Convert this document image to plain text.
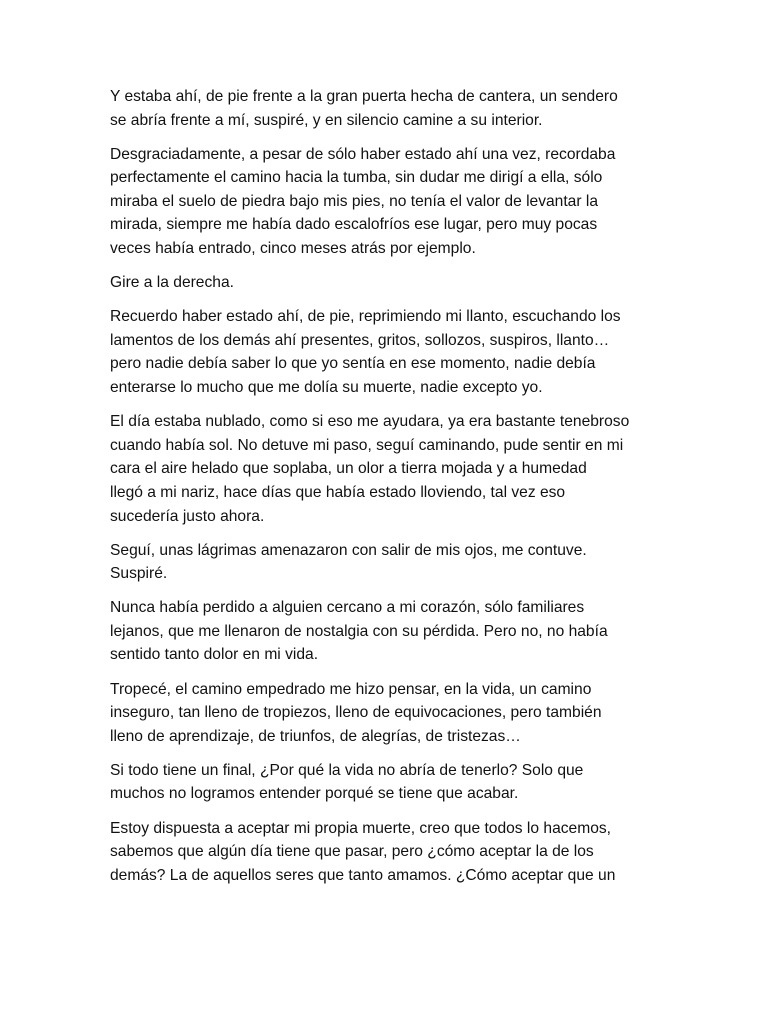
Y estaba ahí, de pie frente a la gran puerta hecha de cantera, un sendero
se abría frente a mí, suspiré, y en silencio camine a su interior.

Desgraciadamente, a pesar de sólo haber estado ahí una vez, recordaba
perfectamente el camino hacia la tumba, sin dudar me dirigí a ella, sólo
miraba el suelo de piedra bajo mis pies, no tenía el valor de levantar la
mirada, siempre me había dado escalofríos ese lugar, pero muy pocas
veces había entrado, cinco meses atrás por ejemplo.

Gire a la derecha.

Recuerdo haber estado ahí, de pie, reprimiendo mi llanto, escuchando los
lamentos de los demás ahí presentes, gritos, sollozos, suspiros, llanto…
pero nadie debía saber lo que yo sentía en ese momento, nadie debía
enterarse lo mucho que me dolía su muerte, nadie excepto yo.

El día estaba nublado, como si eso me ayudara, ya era bastante tenebroso
cuando había sol. No detuve mi paso, seguí caminando, pude sentir en mi
cara el aire helado que soplaba, un olor a tierra mojada y a humedad
llegó a mi nariz, hace días que había estado lloviendo, tal vez eso
sucedería justo ahora.

Seguí, unas lágrimas amenazaron con salir de mis ojos, me contuve.
Suspiré.

Nunca había perdido a alguien cercano a mi corazón, sólo familiares
lejanos, que me llenaron de nostalgia con su pérdida. Pero no, no había
sentido tanto dolor en mi vida.

Tropecé, el camino empedrado me hizo pensar, en la vida, un camino
inseguro, tan lleno de tropiezos, lleno de equivocaciones, pero también
lleno de aprendizaje, de triunfos, de alegrías, de tristezas…

Si todo tiene un final, ¿Por qué la vida no abría de tenerlo? Solo que
muchos no logramos entender porqué se tiene que acabar.

Estoy dispuesta a aceptar mi propia muerte, creo que todos lo hacemos,
sabemos que algún día tiene que pasar, pero ¿cómo aceptar la de los
demás? La de aquellos seres que tanto amamos. ¿Cómo aceptar que un
